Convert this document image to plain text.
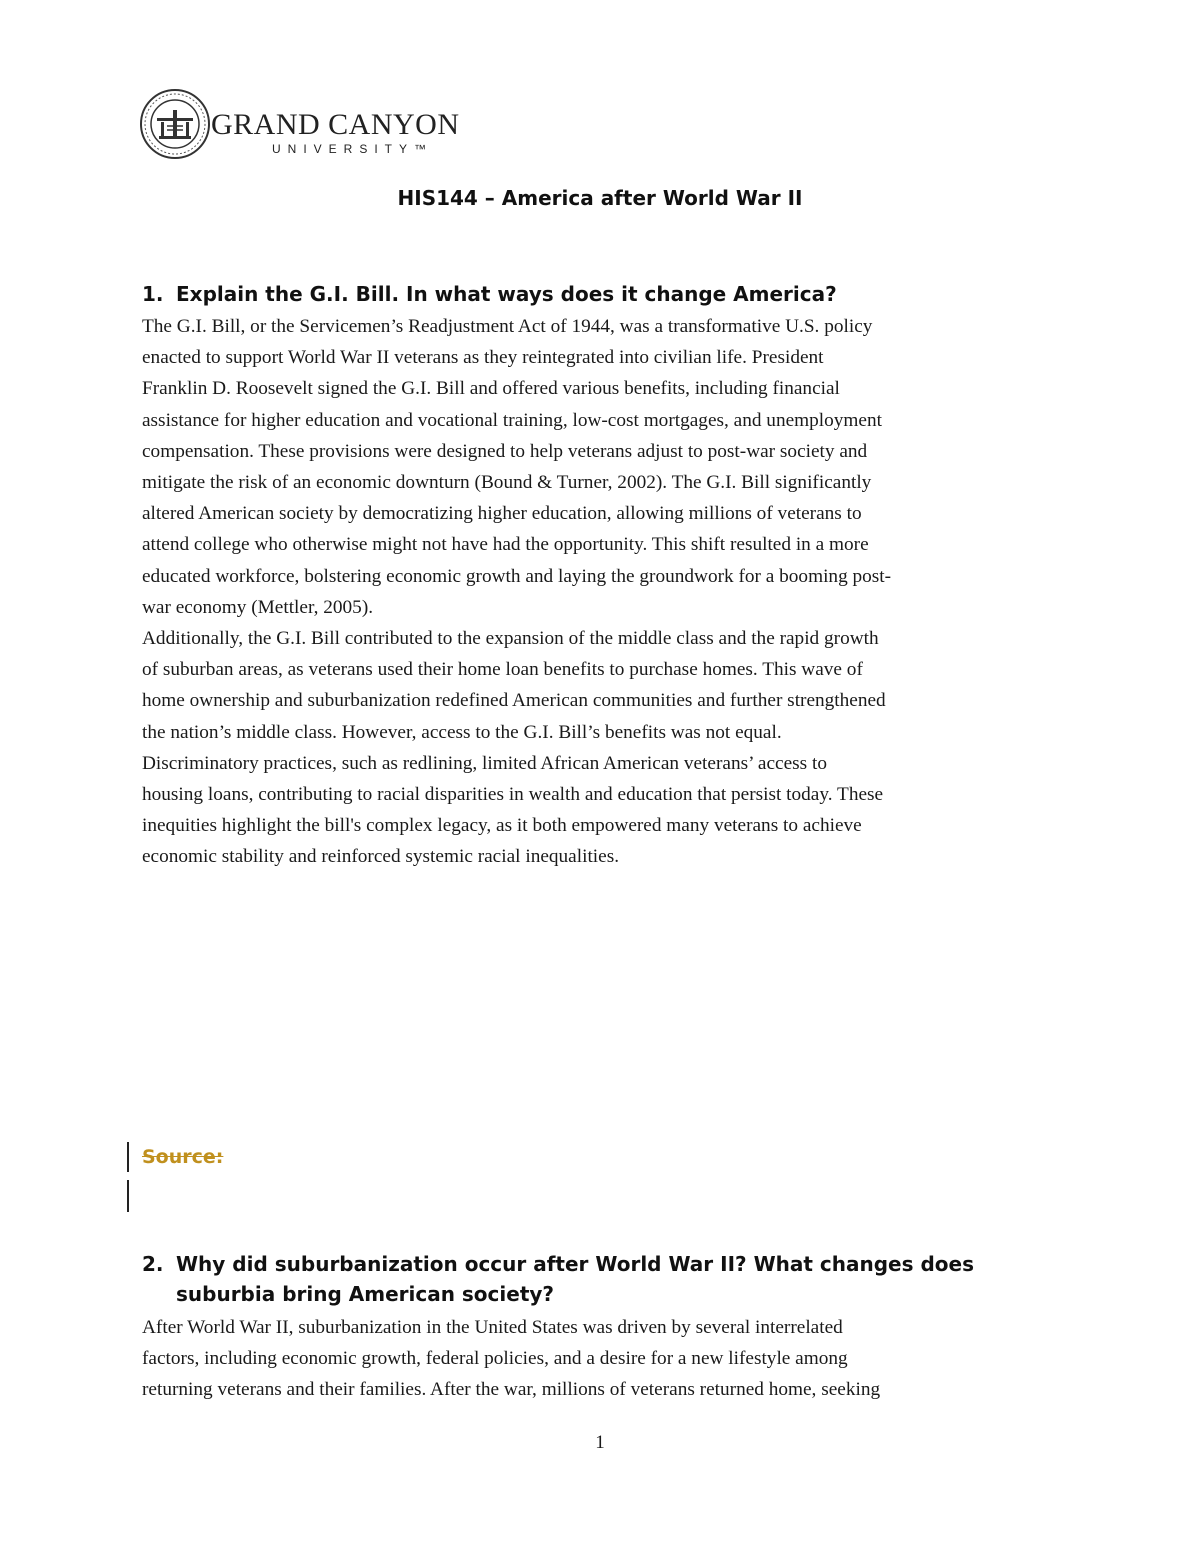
GRAND CANYON
UNIVERSITY™
HIS144 – America after World War II
1. Explain the G.I. Bill. In what ways does it change America?
The G.I. Bill, or the Servicemen’s Readjustment Act of 1944, was a transformative U.S. policy
enacted to support World War II veterans as they reintegrated into civilian life. President
Franklin D. Roosevelt signed the G.I. Bill and offered various benefits, including financial
assistance for higher education and vocational training, low-cost mortgages, and unemployment
compensation. These provisions were designed to help veterans adjust to post-war society and
mitigate the risk of an economic downturn (Bound & Turner, 2002). The G.I. Bill significantly
altered American society by democratizing higher education, allowing millions of veterans to
attend college who otherwise might not have had the opportunity. This shift resulted in a more
educated workforce, bolstering economic growth and laying the groundwork for a booming post-
war economy (Mettler, 2005).
Additionally, the G.I. Bill contributed to the expansion of the middle class and the rapid growth
of suburban areas, as veterans used their home loan benefits to purchase homes. This wave of
home ownership and suburbanization redefined American communities and further strengthened
the nation’s middle class. However, access to the G.I. Bill’s benefits was not equal.
Discriminatory practices, such as redlining, limited African American veterans’ access to
housing loans, contributing to racial disparities in wealth and education that persist today. These
inequities highlight the bill's complex legacy, as it both empowered many veterans to achieve
economic stability and reinforced systemic racial inequalities.
Source:
2. Why did suburbanization occur after World War II? What changes does suburbia bring American society?
After World War II, suburbanization in the United States was driven by several interrelated
factors, including economic growth, federal policies, and a desire for a new lifestyle among
returning veterans and their families. After the war, millions of veterans returned home, seeking
1
